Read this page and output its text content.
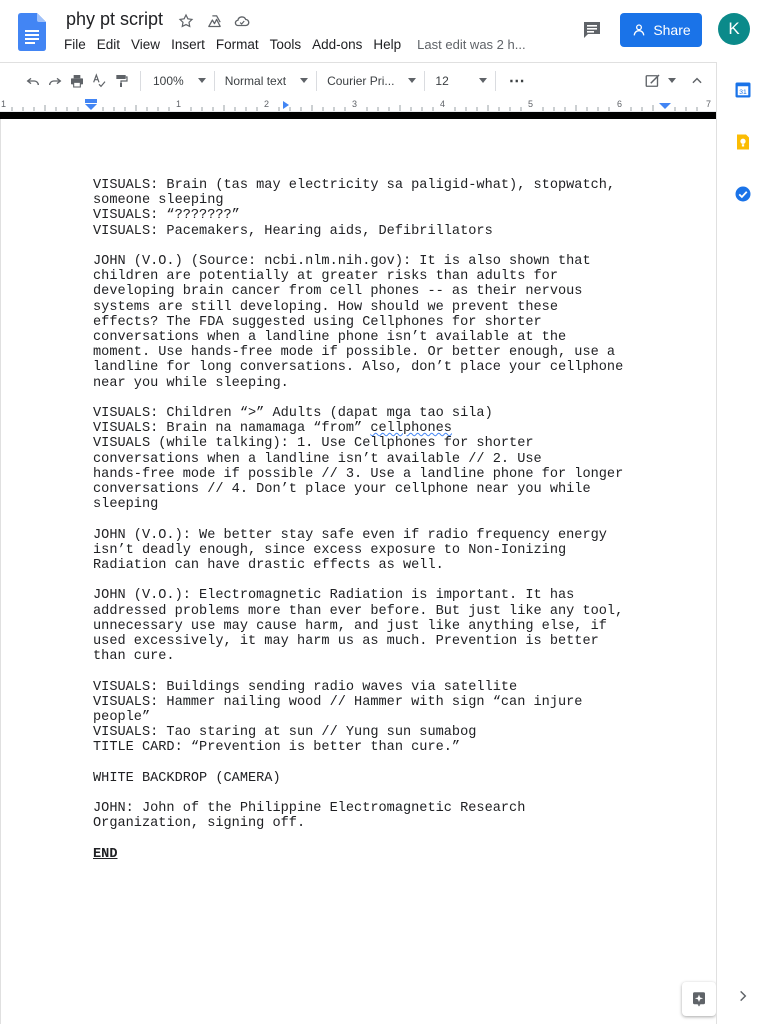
phy pt script
File Edit View Insert Format Tools Add-ons Help Last edit was 2 h...
Share	K
100%	Normal text	Courier Pri...	12	⋯
1	1	2	3	4	5	6	7

VISUALS: Brain (tas may electricity sa paligid-what), stopwatch,
someone sleeping
VISUALS: “???????”
VISUALS: Pacemakers, Hearing aids, Defibrillators

JOHN (V.O.) (Source: ncbi.nlm.nih.gov): It is also shown that
children are potentially at greater risks than adults for
developing brain cancer from cell phones -- as their nervous
systems are still developing. How should we prevent these
effects? The FDA suggested using Cellphones for shorter
conversations when a landline phone isn’t available at the
moment. Use hands-free mode if possible. Or better enough, use a
landline for long conversations. Also, don’t place your cellphone
near you while sleeping.

VISUALS: Children “>” Adults (dapat mga tao sila)
VISUALS: Brain na namamaga “from” cellphones
VISUALS (while talking): 1. Use Cellphones for shorter
conversations when a landline isn’t available // 2. Use
hands-free mode if possible // 3. Use a landline phone for longer
conversations // 4. Don’t place your cellphone near you while
sleeping

JOHN (V.O.): We better stay safe even if radio frequency energy
isn’t deadly enough, since excess exposure to Non-Ionizing
Radiation can have drastic effects as well.

JOHN (V.O.): Electromagnetic Radiation is important. It has
addressed problems more than ever before. But just like any tool,
unnecessary use may cause harm, and just like anything else, if
used excessively, it may harm us as much. Prevention is better
than cure.

VISUALS: Buildings sending radio waves via satellite
VISUALS: Hammer nailing wood // Hammer with sign “can injure
people”
VISUALS: Tao staring at sun // Yung sun sumabog
TITLE CARD: “Prevention is better than cure.”

WHITE BACKDROP (CAMERA)

JOHN: John of the Philippine Electromagnetic Research
Organization, signing off.

END

31
